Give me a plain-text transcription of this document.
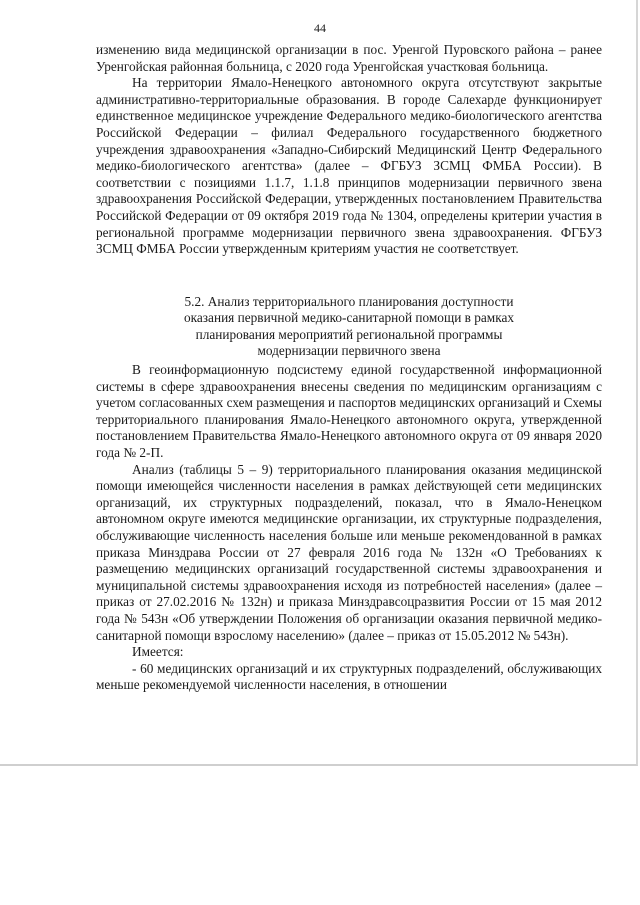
44

изменению вида медицинской организации в пос. Уренгой Пуровского района – ранее Уренгойская районная больница, с 2020 года Уренгойская участковая больница.

На территории Ямало-Ненецкого автономного округа отсутствуют закрытые административно-территориальные образования. В городе Салехарде функционирует единственное медицинское учреждение Федерального медико-биологического агентства Российской Федерации – филиал Федерального государственного бюджетного учреждения здравоохранения «Западно-Сибирский Медицинский Центр Федерального медико-биологического агентства» (далее – ФГБУЗ ЗСМЦ ФМБА России). В соответствии с позициями 1.1.7, 1.1.8 принципов модернизации первичного звена здравоохранения Российской Федерации, утвержденных постановлением Правительства Российской Федерации от 09 октября 2019 года № 1304, определены критерии участия в региональной программе модернизации первичного звена здравоохранения. ФГБУЗ ЗСМЦ ФМБА России утвержденным критериям участия не соответствует.

5.2. Анализ территориального планирования доступности
оказания первичной медико-санитарной помощи в рамках
планирования мероприятий региональной программы
модернизации первичного звена

В геоинформационную подсистему единой государственной информационной системы в сфере здравоохранения внесены сведения по медицинским организациям с учетом согласованных схем размещения и паспортов медицинских организаций и Схемы территориального планирования Ямало-Ненецкого автономного округа, утвержденной постановлением Правительства Ямало-Ненецкого автономного округа от 09 января 2020 года № 2-П.

Анализ (таблицы 5 – 9) территориального планирования оказания медицинской помощи имеющейся численности населения в рамках действующей сети медицинских организаций, их структурных подразделений, показал, что в Ямало-Ненецком автономном округе имеются медицинские организации, их структурные подразделения, обслуживающие численность населения больше или меньше рекомендованной в рамках приказа Минздрава России от 27 февраля 2016 года № 132н «О Требованиях к размещению медицинских организаций государственной системы здравоохранения и муниципальной системы здравоохранения исходя из потребностей населения» (далее – приказ от 27.02.2016 № 132н) и приказа Минздравсоцразвития России от 15 мая 2012 года № 543н «Об утверждении Положения об организации оказания первичной медико-санитарной помощи взрослому населению» (далее – приказ от 15.05.2012 № 543н).

Имеется:

- 60 медицинских организаций и их структурных подразделений, обслуживающих меньше рекомендуемой численности населения, в отношении
